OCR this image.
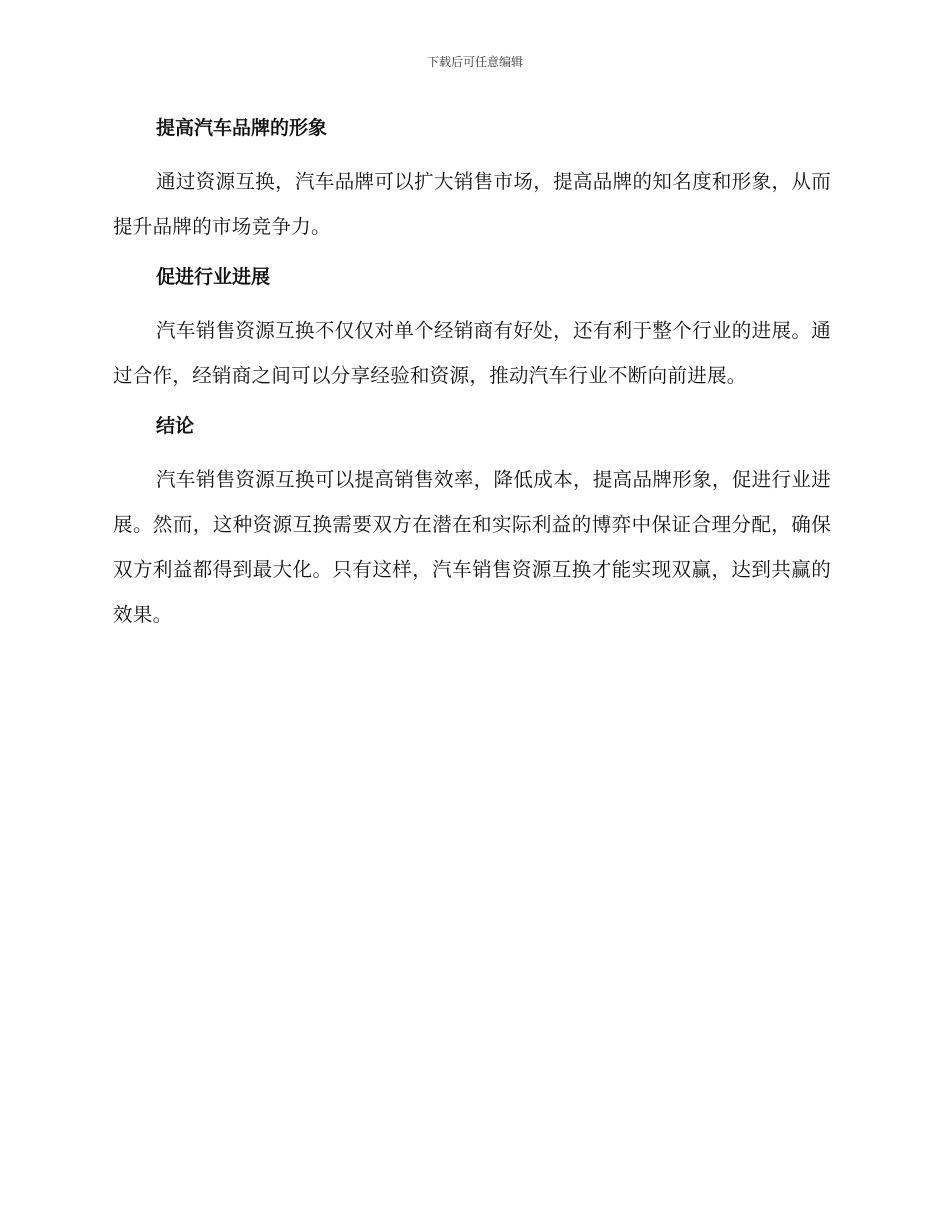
下载后可任意编辑
提高汽车品牌的形象

通过资源互换，汽车品牌可以扩大销售市场，提高品牌的知名度和形象，从而提升品牌的市场竞争力。

促进行业进展

汽车销售资源互换不仅仅对单个经销商有好处，还有利于整个行业的进展。通过合作，经销商之间可以分享经验和资源，推动汽车行业不断向前进展。

结论

汽车销售资源互换可以提高销售效率，降低成本，提高品牌形象，促进行业进展。然而，这种资源互换需要双方在潜在和实际利益的博弈中保证合理分配，确保双方利益都得到最大化。只有这样，汽车销售资源互换才能实现双赢，达到共赢的效果。
